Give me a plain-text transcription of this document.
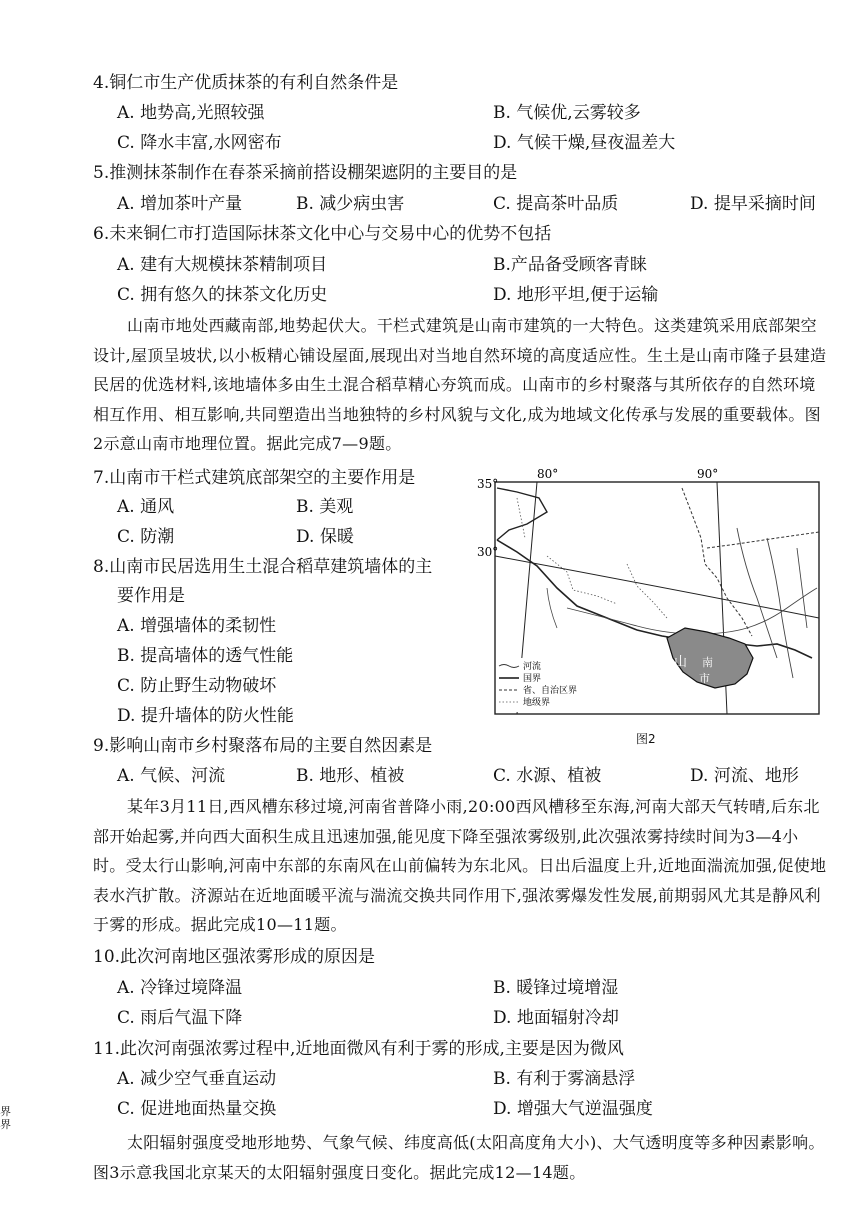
4.铜仁市生产优质抹茶的有利自然条件是
A. 地势高,光照较强	B. 气候优,云雾较多
C. 降水丰富,水网密布	D. 气候干燥,昼夜温差大
5.推测抹茶制作在春茶采摘前搭设棚架遮阴的主要目的是
A. 增加茶叶产量	B. 减少病虫害	C. 提高茶叶品质	D. 提早采摘时间
6.未来铜仁市打造国际抹茶文化中心与交易中心的优势不包括
A. 建有大规模抹茶精制项目	B.产品备受顾客青睐
C. 拥有悠久的抹茶文化历史	D. 地形平坦,便于运输
山南市地处西藏南部,地势起伏大。干栏式建筑是山南市建筑的一大特色。这类建筑采用底部架空设计,屋顶呈坡状,以小板精心铺设屋面,展现出对当地自然环境的高度适应性。生土是山南市隆子县建造民居的优选材料,该地墙体多由生土混合稻草精心夯筑而成。山南市的乡村聚落与其所依存的自然环境相互作用、相互影响,共同塑造出当地独特的乡村风貌与文化,成为地域文化传承与发展的重要载体。图2示意山南市地理位置。据此完成7—9题。
7.山南市干栏式建筑底部架空的主要作用是
A. 通风	B. 美观
C. 防潮	D. 保暖
8.山南市民居选用生土混合稻草建筑墙体的主
要作用是
A. 增强墙体的柔韧性
B. 提高墙体的透气性能
C. 防止野生动物破坏
D. 提升墙体的防火性能
山 南
市
80°	90°
35°
30°
河流
国界
省、自治区界
地级界
图2
9.影响山南市乡村聚落布局的主要自然因素是
A. 气候、河流	B. 地形、植被	C. 水源、植被	D. 河流、地形
某年3月11日,西风槽东移过境,河南省普降小雨,20:00西风槽移至东海,河南大部天气转晴,后东北部开始起雾,并向西大面积生成且迅速加强,能见度下降至强浓雾级别,此次强浓雾持续时间为3—4小时。受太行山影响,河南中东部的东南风在山前偏转为东北风。日出后温度上升,近地面湍流加强,促使地表水汽扩散。济源站在近地面暖平流与湍流交换共同作用下,强浓雾爆发性发展,前期弱风尤其是静风利于雾的形成。据此完成10—11题。
10.此次河南地区强浓雾形成的原因是
A. 冷锋过境降温	B. 暖锋过境增湿
C. 雨后气温下降	D. 地面辐射冷却
11.此次河南强浓雾过程中,近地面微风有利于雾的形成,主要是因为微风
A. 减少空气垂直运动	B. 有利于雾滴悬浮
C. 促进地面热量交换	D. 增强大气逆温强度
太阳辐射强度受地形地势、气象气候、纬度高低(太阳高度角大小)、大气透明度等多种因素影响。图3示意我国北京某天的太阳辐射强度日变化。据此完成12—14题。
界界
